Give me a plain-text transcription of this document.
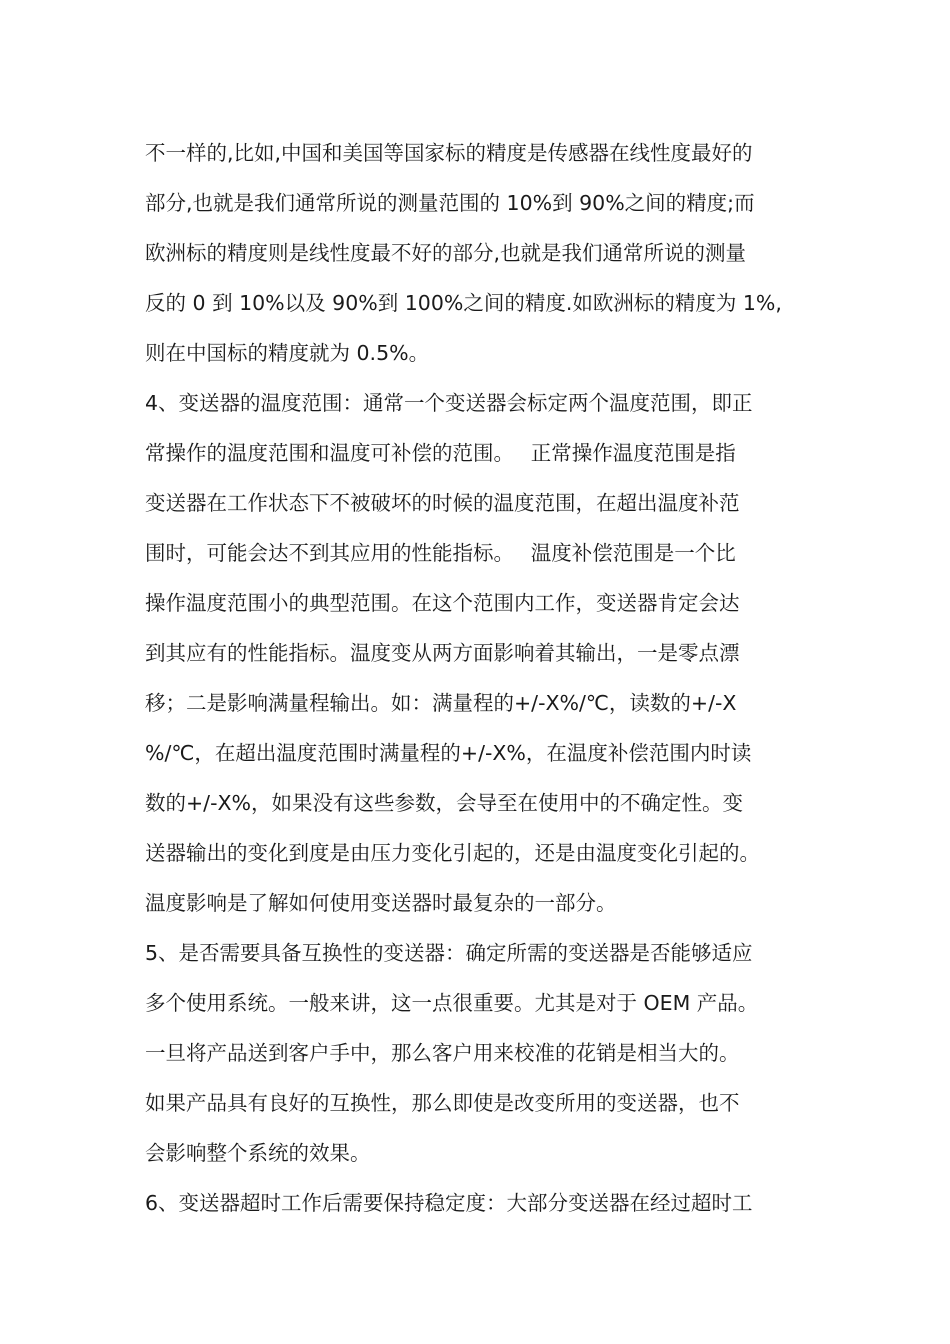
不一样的,比如,中国和美国等国家标的精度是传感器在线性度最好的
部分,也就是我们通常所说的测量范围的 10%到 90%之间的精度;而
欧洲标的精度则是线性度最不好的部分,也就是我们通常所说的测量
反的 0 到 10%以及 90%到 100%之间的精度.如欧洲标的精度为 1%,
则在中国标的精度就为 0.5%。
4、变送器的温度范围：通常一个变送器会标定两个温度范围，即正
常操作的温度范围和温度可补偿的范围。　 正常操作温度范围是指
变送器在工作状态下不被破坏的时候的温度范围，在超出温度补范
围时，可能会达不到其应用的性能指标。　 温度补偿范围是一个比
操作温度范围小的典型范围。在这个范围内工作，变送器肯定会达
到其应有的性能指标。温度变从两方面影响着其输出，一是零点漂
移；二是影响满量程输出。如：满量程的+/-X%/℃，读数的+/-X
%/℃，在超出温度范围时满量程的+/-X%，在温度补偿范围内时读
数的+/-X%，如果没有这些参数，会导至在使用中的不确定性。变
送器输出的变化到度是由压力变化引起的，还是由温度变化引起的。
温度影响是了解如何使用变送器时最复杂的一部分。
5、是否需要具备互换性的变送器：确定所需的变送器是否能够适应
多个使用系统。一般来讲，这一点很重要。尤其是对于 OEM 产品。
一旦将产品送到客户手中，那么客户用来校准的花销是相当大的。
如果产品具有良好的互换性，那么即使是改变所用的变送器，也不
会影响整个系统的效果。
6、变送器超时工作后需要保持稳定度：大部分变送器在经过超时工
